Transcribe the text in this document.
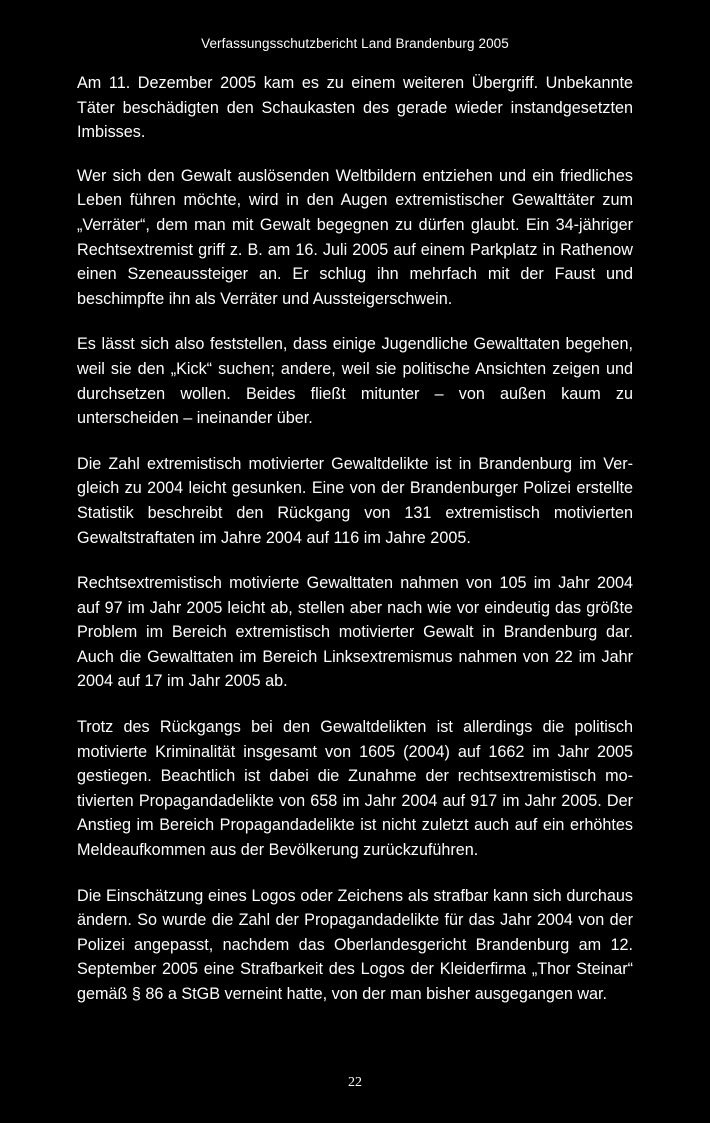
Verfassungsschutzbericht Land Brandenburg 2005

Am 11. Dezember 2005 kam es zu einem weiteren Übergriff. Unbekannte Täter beschädigten den Schaukasten des gerade wieder instandgesetzten Imbisses.

Wer sich den Gewalt auslösenden Weltbildern entziehen und ein friedliches Leben führen möchte, wird in den Augen extremistischer Gewalttäter zum „Verräter“, dem man mit Gewalt begegnen zu dürfen glaubt. Ein 34-jähriger Rechtsextremist griff z. B. am 16. Juli 2005 auf einem Parkplatz in Rathenow einen Szeneaussteiger an. Er schlug ihn mehrfach mit der Faust und beschimpfte ihn als Verräter und Aussteigerschwein.

Es lässt sich also feststellen, dass einige Jugendliche Gewalttaten begehen, weil sie den „Kick“ suchen; andere, weil sie politische Ansichten zeigen und durchsetzen wollen. Beides fließt mitunter – von außen kaum zu unterscheiden – ineinander über.

Die Zahl extremistisch motivierter Gewaltdelikte ist in Brandenburg im Vergleich zu 2004 leicht gesunken. Eine von der Brandenburger Polizei erstellte Statistik beschreibt den Rückgang von 131 extremistisch motivierten Gewaltstraftaten im Jahre 2004 auf 116 im Jahre 2005.

Rechtsextremistisch motivierte Gewalttaten nahmen von 105 im Jahr 2004 auf 97 im Jahr 2005 leicht ab, stellen aber nach wie vor eindeutig das größte Problem im Bereich extremistisch motivierter Gewalt in Brandenburg dar. Auch die Gewalttaten im Bereich Linksextremismus nahmen von 22 im Jahr 2004 auf 17 im Jahr 2005 ab.

Trotz des Rückgangs bei den Gewaltdelikten ist allerdings die politisch motivierte Kriminalität insgesamt von 1605 (2004) auf 1662 im Jahr 2005 gestiegen. Beachtlich ist dabei die Zunahme der rechtsextremistisch motivierten Propagandadelikte von 658 im Jahr 2004 auf 917 im Jahr 2005. Der Anstieg im Bereich Propagandadelikte ist nicht zuletzt auch auf ein erhöhtes Meldeaufkommen aus der Bevölkerung zurückzuführen.

Die Einschätzung eines Logos oder Zeichens als strafbar kann sich durchaus ändern. So wurde die Zahl der Propagandadelikte für das Jahr 2004 von der Polizei angepasst, nachdem das Oberlandesgericht Brandenburg am 12. September 2005 eine Strafbarkeit des Logos der Kleiderfirma „Thor Steinar“ gemäß § 86 a StGB verneint hatte, von der man bisher ausgegangen war.

22
